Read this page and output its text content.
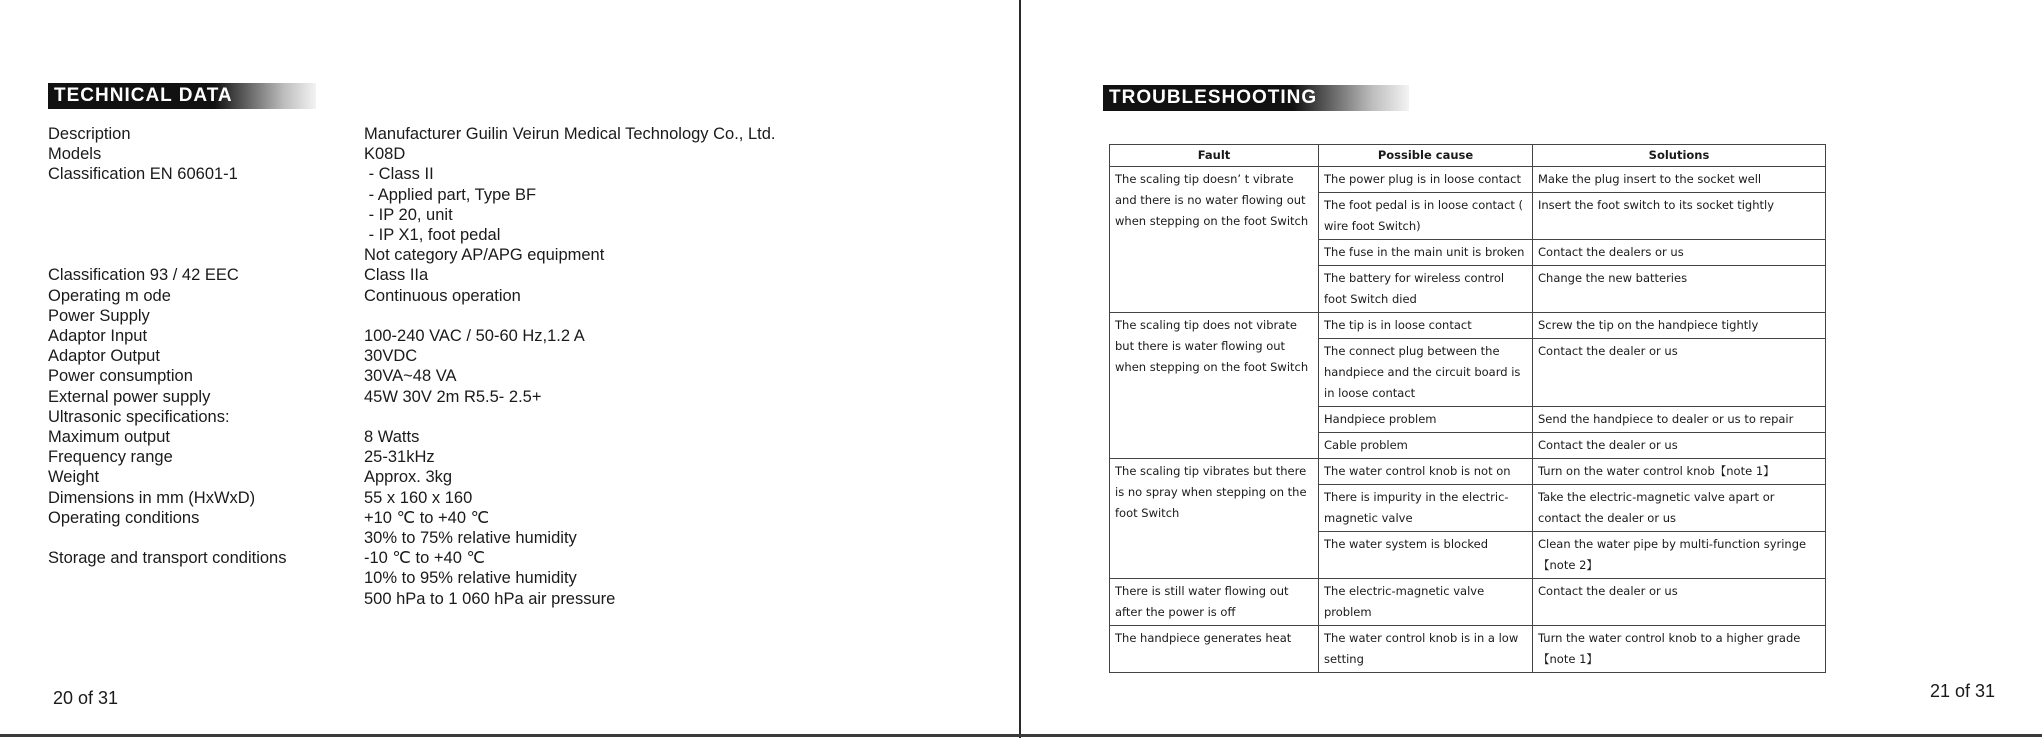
TECHNICAL DATA
Description	Manufacturer Guilin Veirun Medical Technology Co., Ltd.
Models	K08D
Classification EN 60601-1	- Class II
- Applied part, Type BF
- IP 20, unit
- IP X1, foot pedal
Not category AP/APG equipment
Classification 93 / 42 EEC	Class IIa
Operating m ode	Continuous operation
Power Supply
Adaptor Input	100-240 VAC / 50-60 Hz,1.2 A
Adaptor Output	30VDC
Power consumption	30VA~48 VA
External power supply	45W 30V 2m R5.5- 2.5+
Ultrasonic specifications:
Maximum output	8 Watts
Frequency range	25-31kHz
Weight	Approx. 3kg
Dimensions in mm (HxWxD)	55 x 160 x 160
Operating conditions	+10 ℃ to +40 ℃
30% to 75% relative humidity
Storage and transport conditions	-10 ℃ to +40 ℃
10% to 95% relative humidity
500 hPa to 1 060 hPa air pressure
20 of 31
TROUBLESHOOTING
Fault	Possible cause	Solutions
The scaling tip doesn’ t vibrate and there is no water flowing out when stepping on the foot Switch	The power plug is in loose contact	Make the plug insert to the socket well
	The foot pedal is in loose contact ( wire foot Switch)	Insert the foot switch to its socket tightly
	The fuse in the main unit is broken	Contact the dealers or us
	The battery for wireless control foot Switch died	Change the new batteries
The scaling tip does not vibrate but there is water flowing out when stepping on the foot Switch	The tip is in loose contact	Screw the tip on the handpiece tightly
	The connect plug between the handpiece and the circuit board is in loose contact	Contact the dealer or us
	Handpiece problem	Send the handpiece to dealer or us to repair
	Cable problem	Contact the dealer or us
The scaling tip vibrates but there is no spray when stepping on the foot Switch	The water control knob is not on	Turn on the water control knob【note 1】
	There is impurity in the electric-magnetic valve	Take the electric-magnetic valve apart or contact the dealer or us
	The water system is blocked	Clean the water pipe by multi-function syringe【note 2】
There is still water flowing out after the power is off	The electric-magnetic valve problem	Contact the dealer or us
The handpiece generates heat	The water control knob is in a low setting	Turn the water control knob to a higher grade【note 1】
21 of 31
